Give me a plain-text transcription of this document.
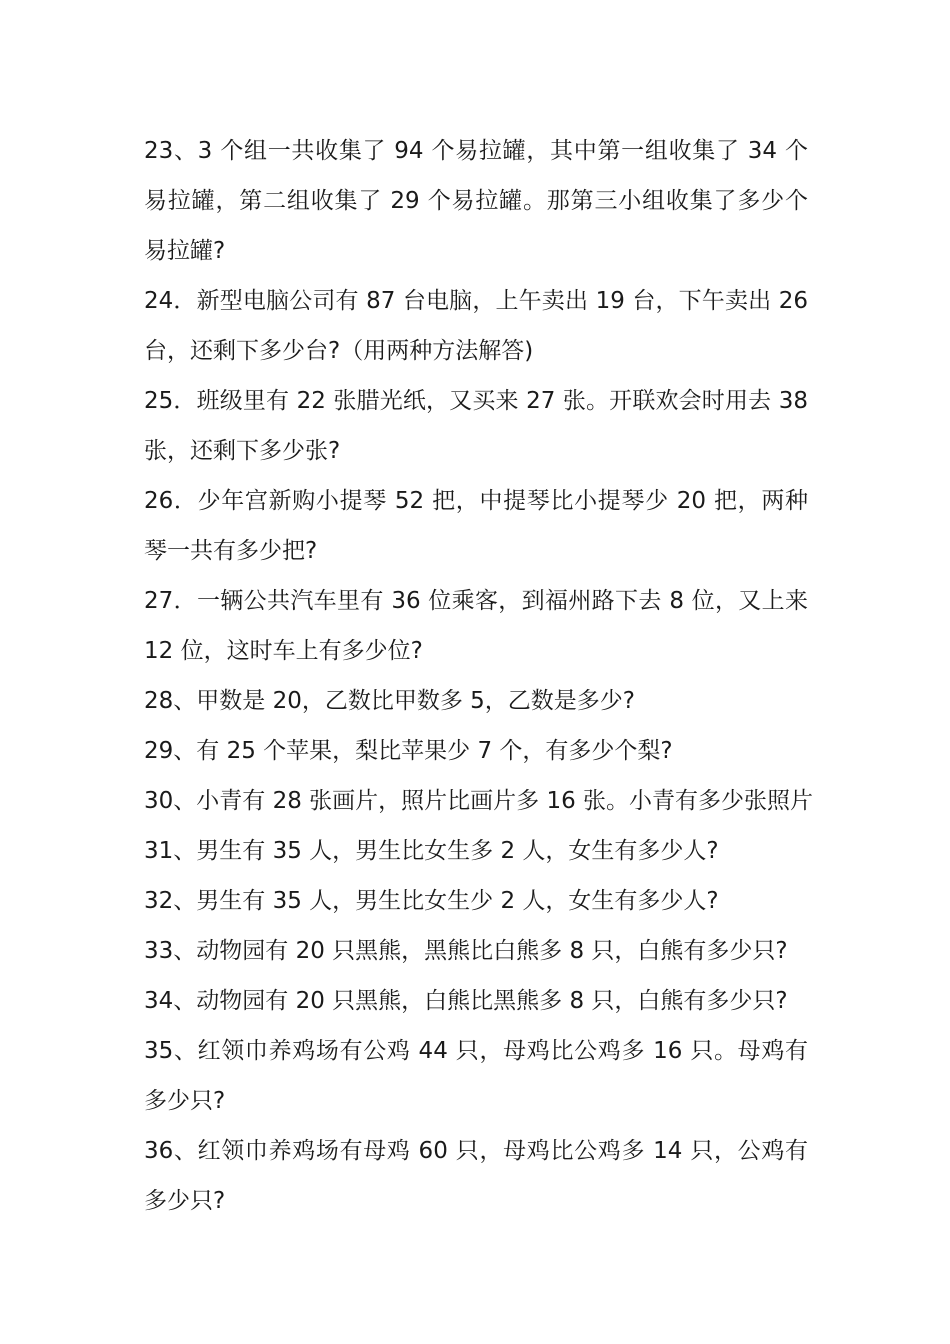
23、3 个组一共收集了 94 个易拉罐，其中第一组收集了 34 个易拉罐，第二组收集了 29 个易拉罐。那第三小组收集了多少个易拉罐?

24．新型电脑公司有 87 台电脑，上午卖出 19 台，下午卖出 26 台，还剩下多少台?（用两种方法解答)

25．班级里有 22 张腊光纸，又买来 27 张。开联欢会时用去 38 张，还剩下多少张?

26．少年宫新购小提琴 52 把，中提琴比小提琴少 20 把，两种琴一共有多少把?

27．一辆公共汽车里有 36 位乘客，到福州路下去 8 位，又上来 12 位，这时车上有多少位?

28、甲数是 20，乙数比甲数多 5，乙数是多少?

29、有 25 个苹果，梨比苹果少 7 个，有多少个梨?

30、小青有 28 张画片，照片比画片多 16 张。小青有多少张照片

31、男生有 35 人，男生比女生多 2 人，女生有多少人?

32、男生有 35 人，男生比女生少 2 人，女生有多少人?

33、动物园有 20 只黑熊，黑熊比白熊多 8 只，白熊有多少只?

34、动物园有 20 只黑熊，白熊比黑熊多 8 只，白熊有多少只?

35、红领巾养鸡场有公鸡 44 只，母鸡比公鸡多 16 只。母鸡有多少只?

36、红领巾养鸡场有母鸡 60 只，母鸡比公鸡多 14 只，公鸡有多少只?
